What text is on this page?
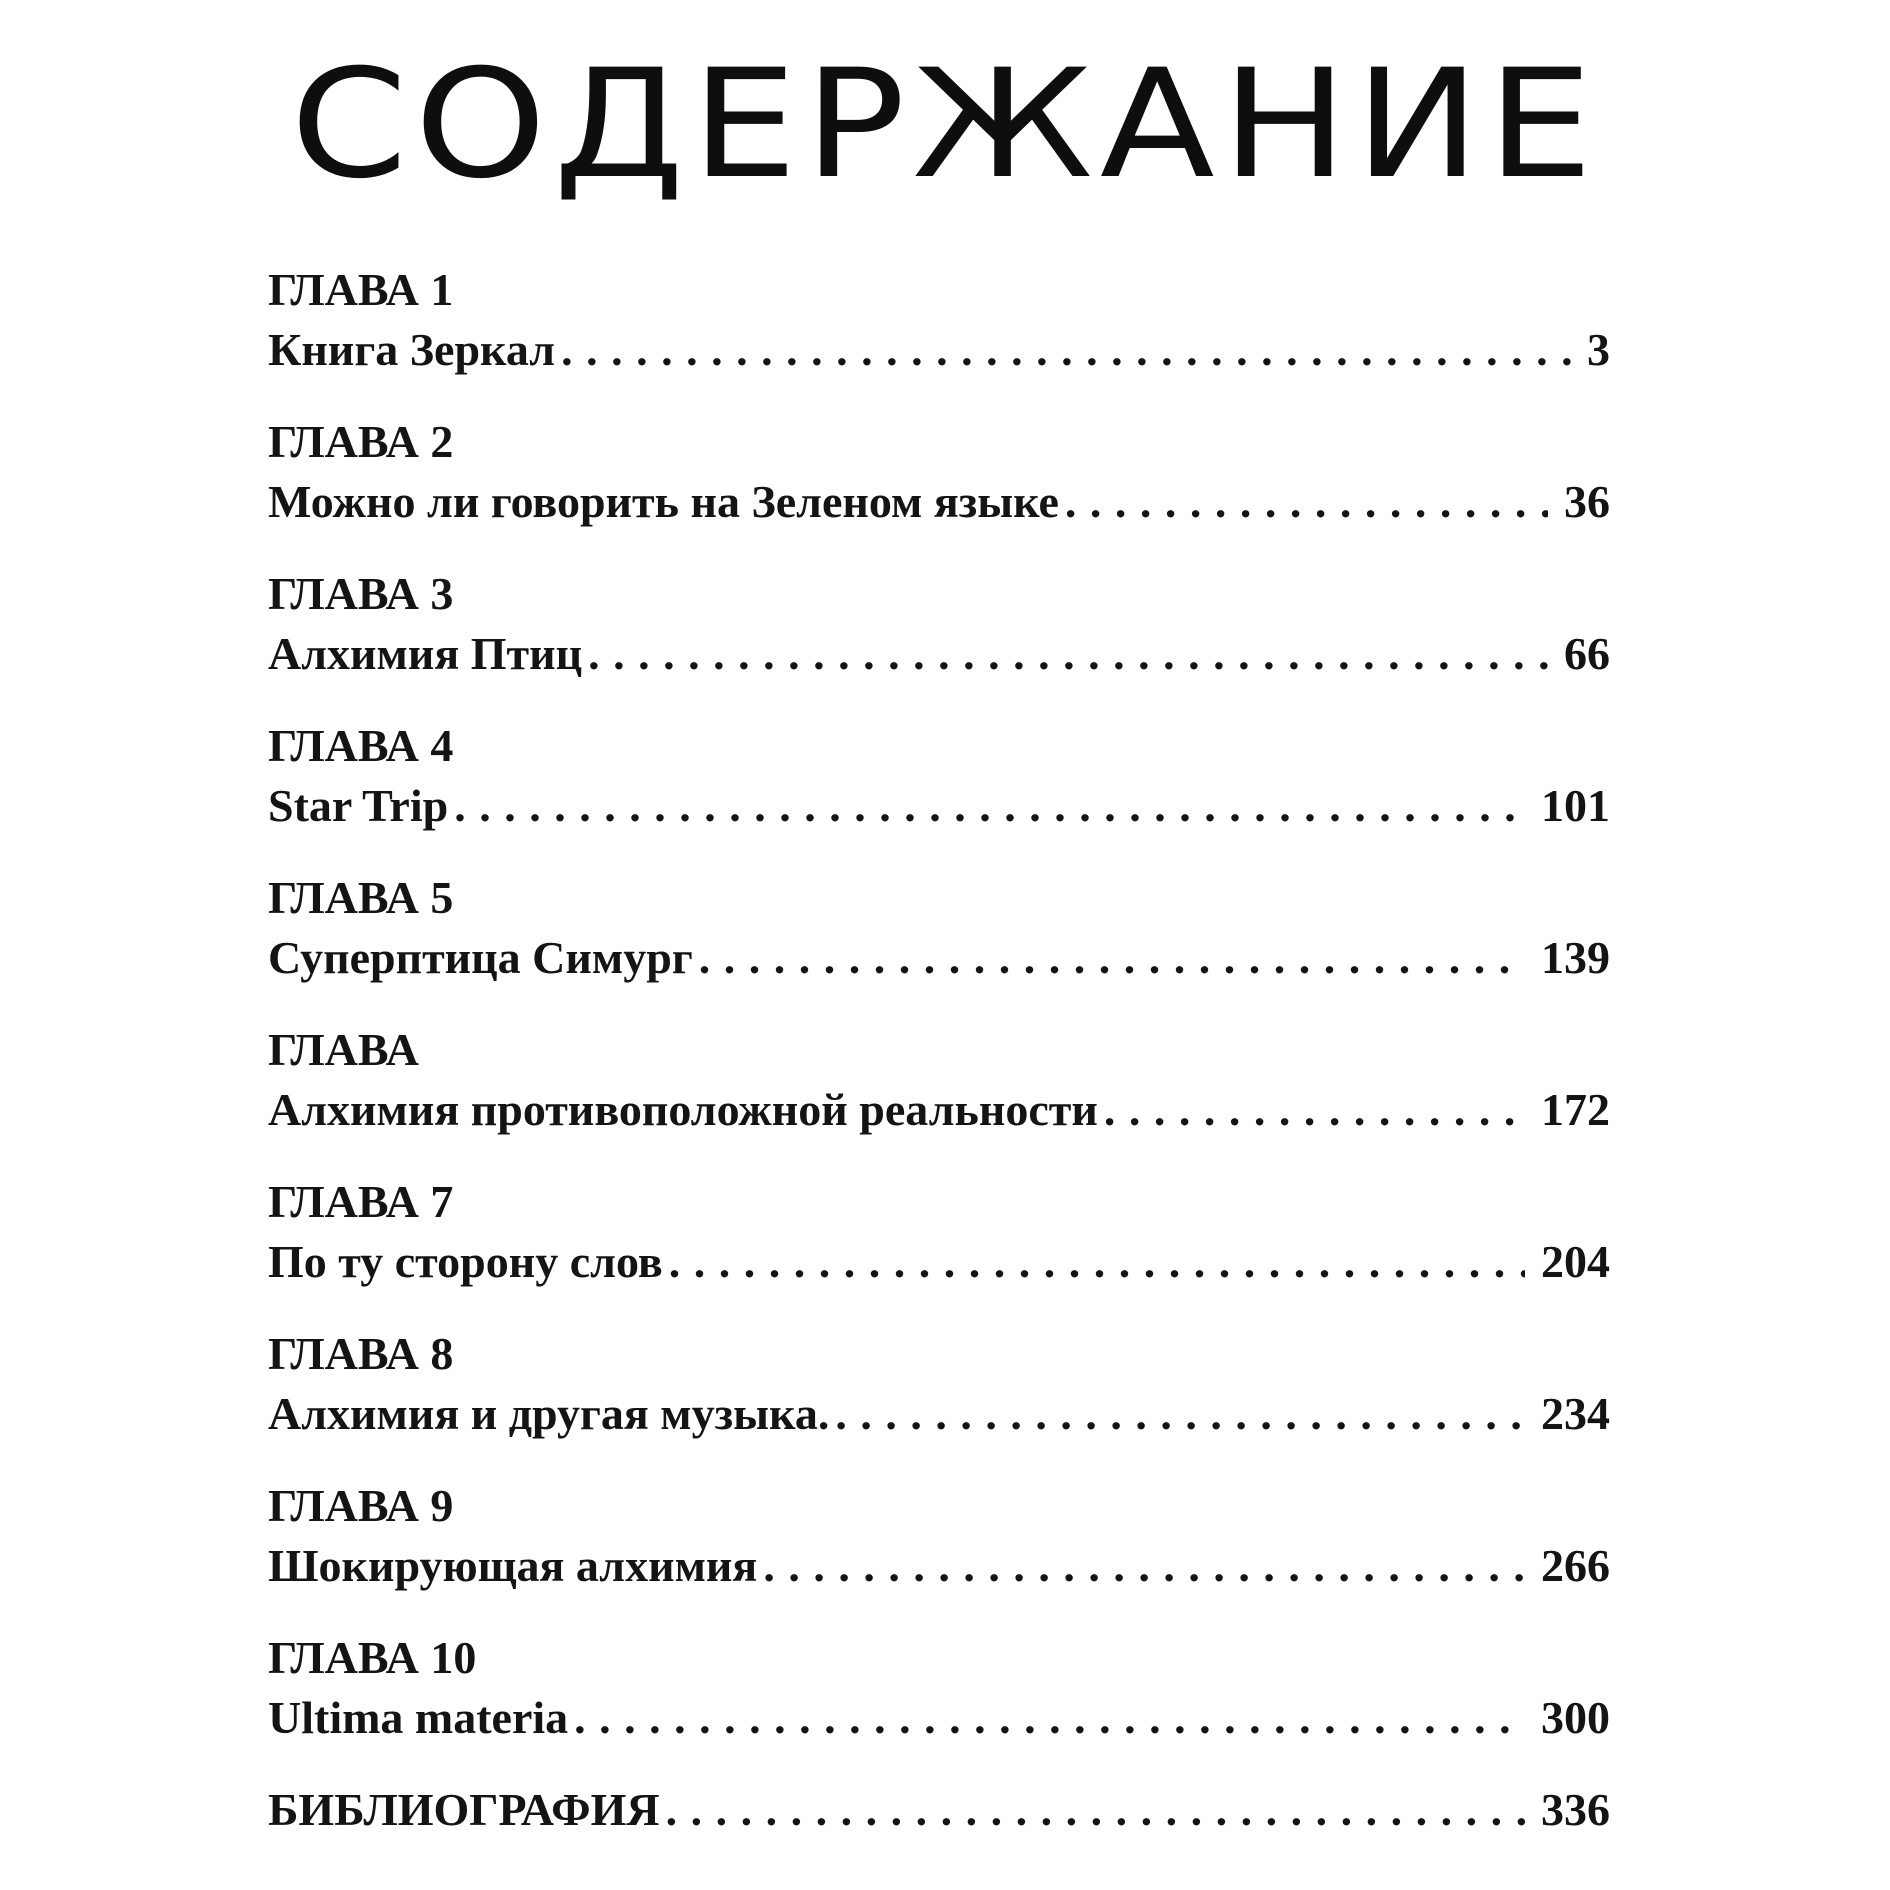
СОДЕРЖАНИЕ
ГЛАВА 1
Книга Зеркал . . .	3
ГЛАВА 2
Можно ли говорить на Зеленом языке . . .	36
ГЛАВА 3
Алхимия Птиц . . .	66
ГЛАВА 4
Star Trip . . .	101
ГЛАВА 5
Суперптица Симург . . .	139
ГЛАВА
Алхимия противоположной реальности . . .	172
ГЛАВА 7
По ту сторону слов . . .	204
ГЛАВА 8
Алхимия и другая музыка. . . .	234
ГЛАВА 9
Шокирующая алхимия . . .	266
ГЛАВА 10
Ultima materia . . .	300
БИБЛИОГРАФИЯ . . .	336
